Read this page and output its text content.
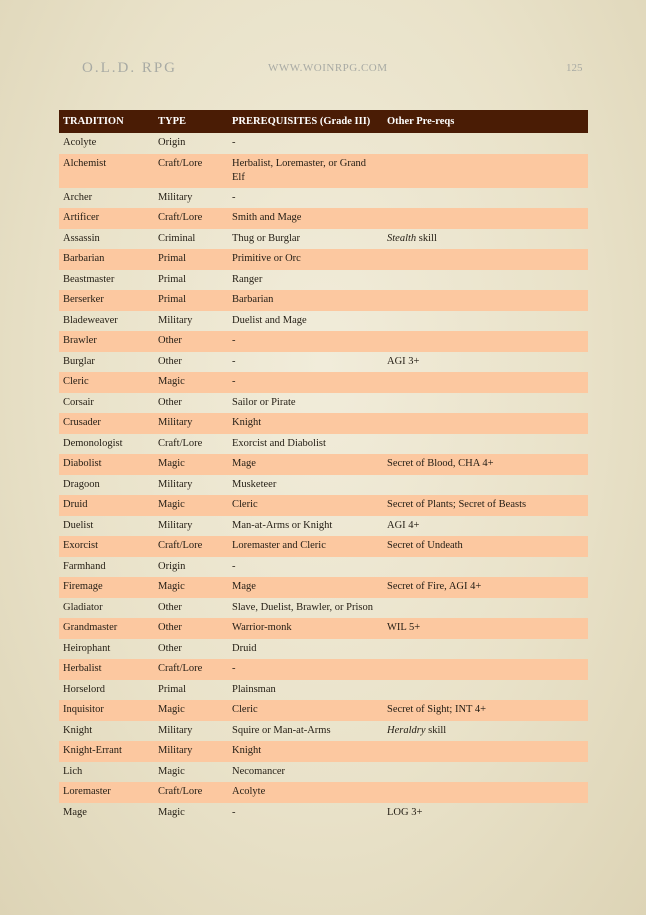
O.L.D. RPG	WWW.WOINRPG.COM	125
TRADITION	TYPE	PREREQUISITES (Grade III)	Other Pre-reqs
Acolyte	Origin	-	
Alchemist	Craft/Lore	Herbalist, Loremaster, or Grand Elf	
Archer	Military	-	
Artificer	Craft/Lore	Smith and Mage	
Assassin	Criminal	Thug or Burglar	Stealth skill
Barbarian	Primal	Primitive or Orc	
Beastmaster	Primal	Ranger	
Berserker	Primal	Barbarian	
Bladeweaver	Military	Duelist and Mage	
Brawler	Other	-	
Burglar	Other	-	AGI 3+
Cleric	Magic	-	
Corsair	Other	Sailor or Pirate	
Crusader	Military	Knight	
Demonologist	Craft/Lore	Exorcist and Diabolist	
Diabolist	Magic	Mage	Secret of Blood, CHA 4+
Dragoon	Military	Musketeer	
Druid	Magic	Cleric	Secret of Plants; Secret of Beasts
Duelist	Military	Man-at-Arms or Knight	AGI 4+
Exorcist	Craft/Lore	Loremaster and Cleric	Secret of Undeath
Farmhand	Origin	-	
Firemage	Magic	Mage	Secret of Fire, AGI 4+
Gladiator	Other	Slave, Duelist, Brawler, or Prison	
Grandmaster	Other	Warrior-monk	WIL 5+
Heirophant	Other	Druid	
Herbalist	Craft/Lore	-	
Horselord	Primal	Plainsman	
Inquisitor	Magic	Cleric	Secret of Sight; INT 4+
Knight	Military	Squire or Man-at-Arms	Heraldry skill
Knight-Errant	Military	Knight	
Lich	Magic	Necomancer	
Loremaster	Craft/Lore	Acolyte	
Mage	Magic	-	LOG 3+
